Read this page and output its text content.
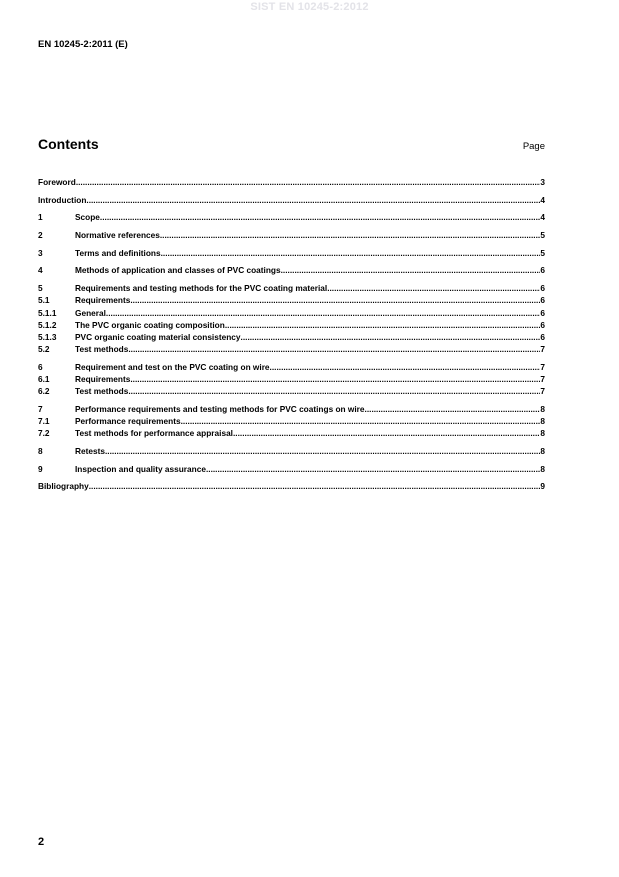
SIST EN 10245-2:2012
EN 10245-2:2011 (E)
Contents	Page
Foreword .....	3
Introduction .....	4
1	Scope .....	4
2	Normative references .....	5
3	Terms and definitions .....	5
4	Methods of application and classes of PVC coatings .....	6
5	Requirements and testing methods for the PVC coating material .....	6
5.1	Requirements .....	6
5.1.1	General .....	6
5.1.2	The PVC organic coating composition .....	6
5.1.3	PVC organic coating material consistency .....	6
5.2	Test methods .....	7
6	Requirement and test on the PVC coating on wire .....	7
6.1	Requirements .....	7
6.2	Test methods .....	7
7	Performance requirements and testing methods for PVC coatings on wire .....	8
7.1	Performance requirements .....	8
7.2	Test methods for performance appraisal .....	8
8	Retests .....	8
9	Inspection and quality assurance .....	8
Bibliography .....	9
2
